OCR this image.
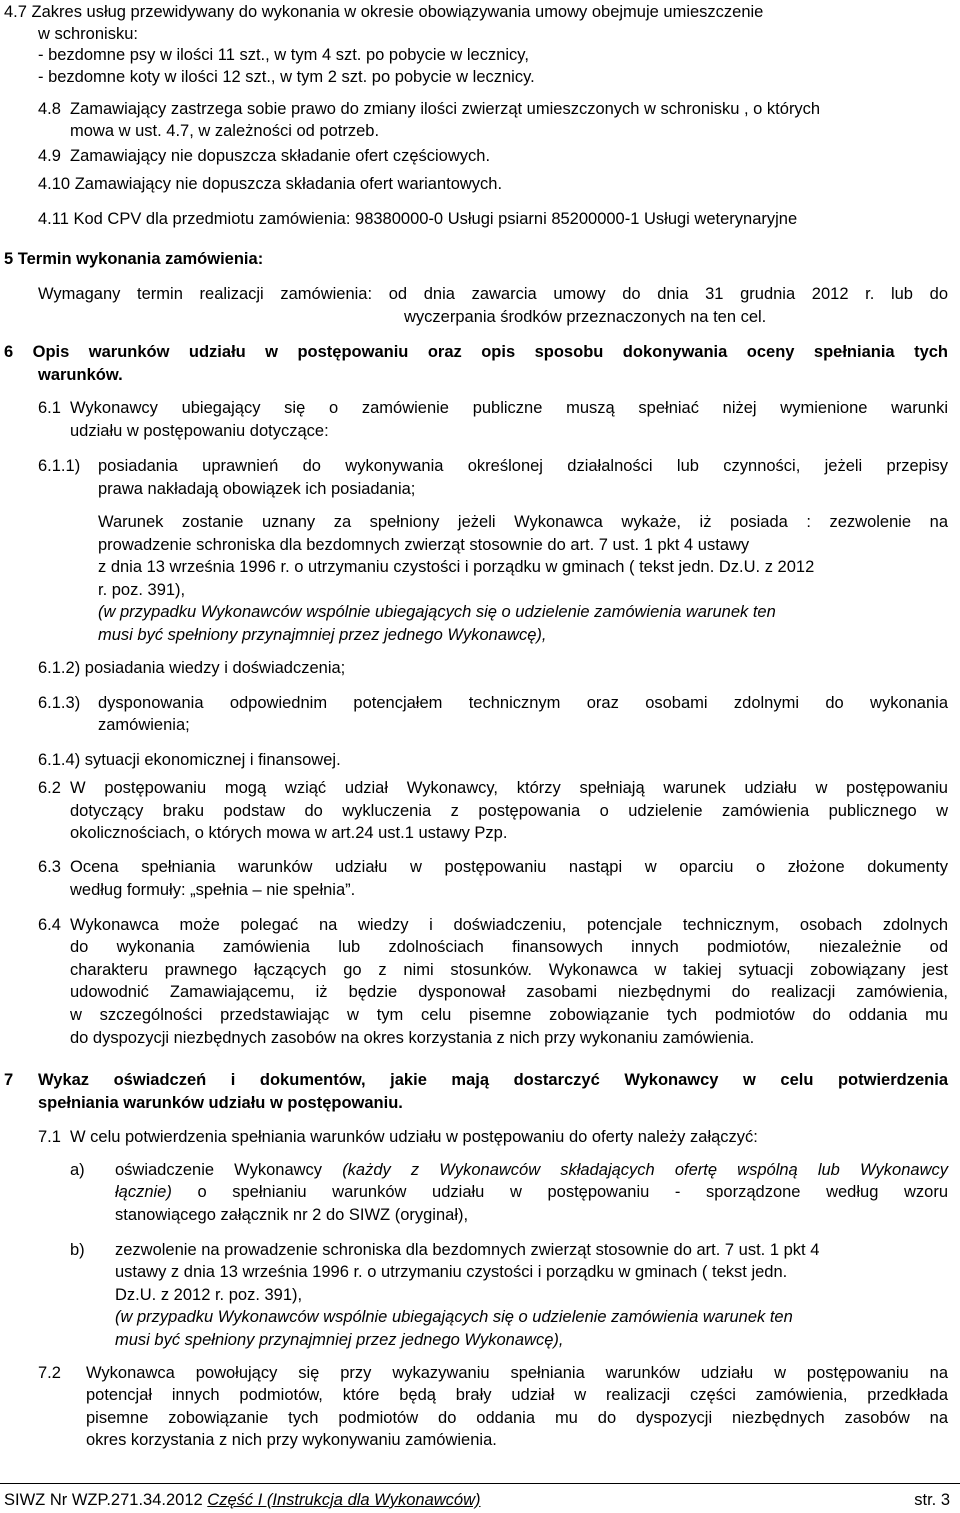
4.7 Zakres usług przewidywany do wykonania w okresie obowiązywania umowy obejmuje umieszczenie
w schronisku:
- bezdomne psy w ilości 11 szt., w tym 4 szt. po pobycie w lecznicy,
- bezdomne koty w ilości 12 szt., w tym 2 szt. po pobycie w lecznicy.
4.8 Zamawiający zastrzega sobie prawo do zmiany ilości zwierząt umieszczonych w schronisku , o których
mowa w ust. 4.7, w zależności od potrzeb.
4.9 Zamawiający nie dopuszcza składanie ofert częściowych.
4.10 Zamawiający nie dopuszcza składania ofert wariantowych.
4.11 Kod CPV dla przedmiotu zamówienia: 98380000-0 Usługi psiarni 85200000-1 Usługi weterynaryjne
5 Termin wykonania zamówienia:
Wymagany termin realizacji zamówienia: od dnia zawarcia umowy do dnia 31 grudnia 2012 r. lub do
wyczerpania środków przeznaczonych na ten cel.
6 Opis warunków udziału w postępowaniu oraz opis sposobu dokonywania oceny spełniania tych
warunków.
6.1 Wykonawcy ubiegający się o zamówienie publiczne muszą spełniać niżej wymienione warunki
udziału w postępowaniu dotyczące:
6.1.1) posiadania uprawnień do wykonywania określonej działalności lub czynności, jeżeli przepisy
prawa nakładają obowiązek ich posiadania;
Warunek zostanie uznany za spełniony jeżeli Wykonawca wykaże, iż posiada : zezwolenie na
prowadzenie schroniska dla bezdomnych zwierząt stosownie do art. 7 ust. 1 pkt 4 ustawy
z dnia 13 września 1996 r. o utrzymaniu czystości i porządku w gminach ( tekst jedn. Dz.U. z 2012
r. poz. 391),
(w przypadku Wykonawców wspólnie ubiegających się o udzielenie zamówienia warunek ten
musi być spełniony przynajmniej przez jednego Wykonawcę),
6.1.2) posiadania wiedzy i doświadczenia;
6.1.3) dysponowania odpowiednim potencjałem technicznym oraz osobami zdolnymi do wykonania
zamówienia;
6.1.4) sytuacji ekonomicznej i finansowej.
6.2 W postępowaniu mogą wziąć udział Wykonawcy, którzy spełniają warunek udziału w postępowaniu
dotyczący braku podstaw do wykluczenia z postępowania o udzielenie zamówienia publicznego w
okolicznościach, o których mowa w art.24 ust.1 ustawy Pzp.
6.3 Ocena spełniania warunków udziału w postępowaniu nastąpi w oparciu o złożone dokumenty
według formuły: „spełnia – nie spełnia”.
6.4 Wykonawca może polegać na wiedzy i doświadczeniu, potencjale technicznym, osobach zdolnych
do wykonania zamówienia lub zdolnościach finansowych innych podmiotów, niezależnie od
charakteru prawnego łączących go z nimi stosunków. Wykonawca w takiej sytuacji zobowiązany jest
udowodnić Zamawiającemu, iż będzie dysponował zasobami niezbędnymi do realizacji zamówienia,
w szczególności przedstawiając w tym celu pisemne zobowiązanie tych podmiotów do oddania mu
do dyspozycji niezbędnych zasobów na okres korzystania z nich przy wykonaniu zamówienia.
7 Wykaz oświadczeń i dokumentów, jakie mają dostarczyć Wykonawcy w celu potwierdzenia
spełniania warunków udziału w postępowaniu.
7.1 W celu potwierdzenia spełniania warunków udziału w postępowaniu do oferty należy załączyć:
a) oświadczenie Wykonawcy (każdy z Wykonawców składających ofertę wspólną lub Wykonawcy
łącznie) o spełnianiu warunków udziału w postępowaniu - sporządzone według wzoru
stanowiącego załącznik nr 2 do SIWZ (oryginał),
b) zezwolenie na prowadzenie schroniska dla bezdomnych zwierząt stosownie do art. 7 ust. 1 pkt 4
ustawy z dnia 13 września 1996 r. o utrzymaniu czystości i porządku w gminach ( tekst jedn.
Dz.U. z 2012 r. poz. 391),
(w przypadku Wykonawców wspólnie ubiegających się o udzielenie zamówienia warunek ten
musi być spełniony przynajmniej przez jednego Wykonawcę),
7.2 Wykonawca powołujący się przy wykazywaniu spełniania warunków udziału w postępowaniu na
potencjał innych podmiotów, które będą brały udział w realizacji części zamówienia, przedkłada
pisemne zobowiązanie tych podmiotów do oddania mu do dyspozycji niezbędnych zasobów na
okres korzystania z nich przy wykonywaniu zamówienia.
SIWZ Nr WZP.271.34.2012 Część I (Instrukcja dla Wykonawców)	str. 3
